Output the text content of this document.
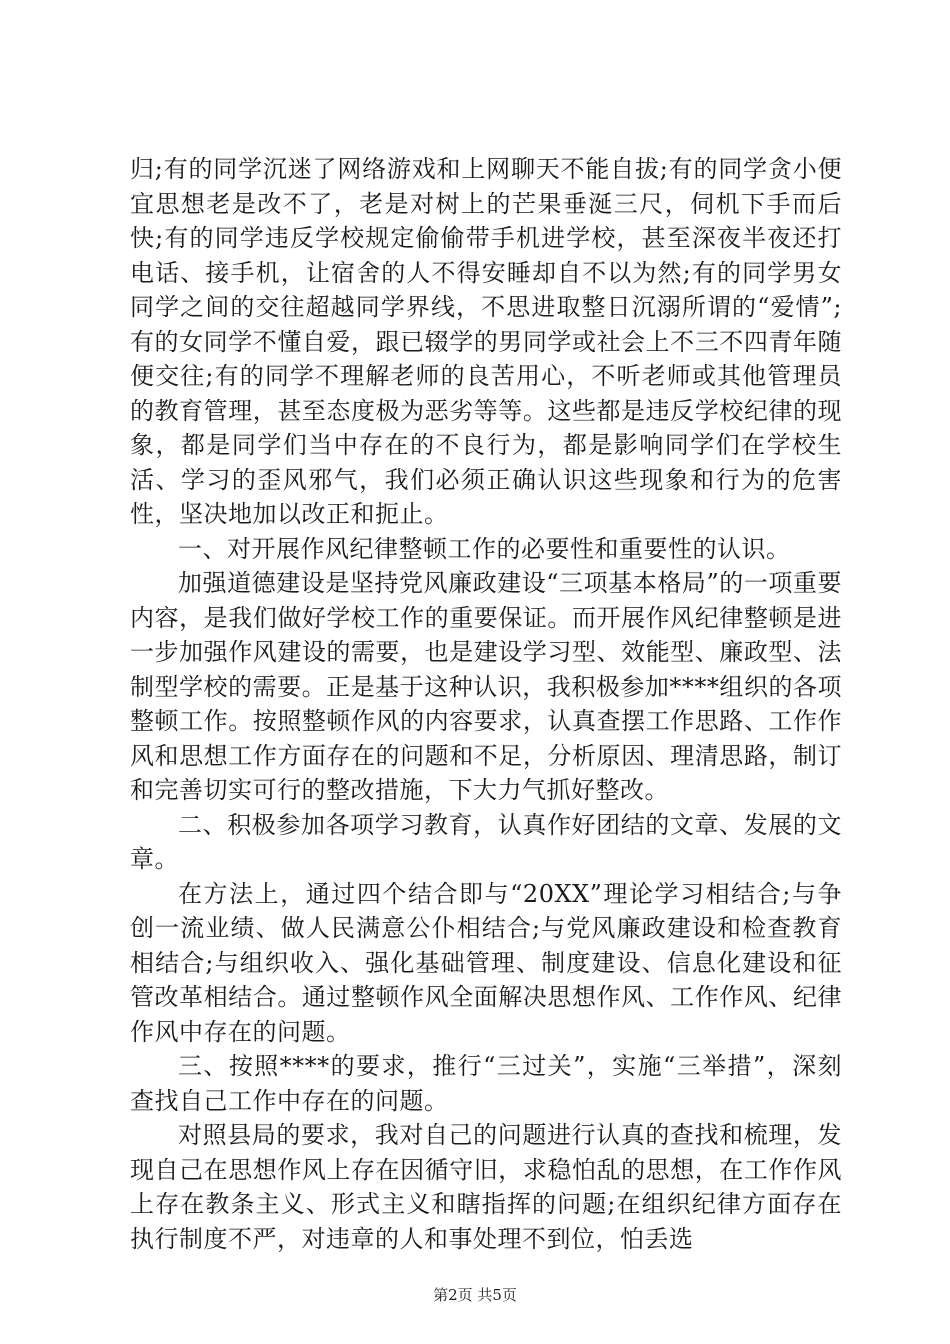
归;有的同学沉迷了网络游戏和上网聊天不能自拔;有的同学贪小便宜思想老是改不了，老是对树上的芒果垂涎三尺，伺机下手而后快;有的同学违反学校规定偷偷带手机进学校，甚至深夜半夜还打电话、接手机，让宿舍的人不得安睡却自不以为然;有的同学男女同学之间的交往超越同学界线，不思进取整日沉溺所谓的“爱情”;有的女同学不懂自爱，跟已辍学的男同学或社会上不三不四青年随便交往;有的同学不理解老师的良苦用心，不听老师或其他管理员的教育管理，甚至态度极为恶劣等等。这些都是违反学校纪律的现象，都是同学们当中存在的不良行为，都是影响同学们在学校生活、学习的歪风邪气，我们必须正确认识这些现象和行为的危害性，坚决地加以改正和扼止。

一、对开展作风纪律整顿工作的必要性和重要性的认识。

加强道德建设是坚持党风廉政建设“三项基本格局”的一项重要内容，是我们做好学校工作的重要保证。而开展作风纪律整顿是进一步加强作风建设的需要，也是建设学习型、效能型、廉政型、法制型学校的需要。正是基于这种认识，我积极参加****组织的各项整顿工作。按照整顿作风的内容要求，认真查摆工作思路、工作作风和思想工作方面存在的问题和不足，分析原因、理清思路，制订和完善切实可行的整改措施，下大力气抓好整改。

二、积极参加各项学习教育，认真作好团结的文章、发展的文章。

在方法上，通过四个结合即与“20XX”理论学习相结合;与争创一流业绩、做人民满意公仆相结合;与党风廉政建设和检查教育相结合;与组织收入、强化基础管理、制度建设、信息化建设和征管改革相结合。通过整顿作风全面解决思想作风、工作作风、纪律作风中存在的问题。

三、按照****的要求，推行“三过关”，实施“三举措”，深刻查找自己工作中存在的问题。

对照县局的要求，我对自己的问题进行认真的查找和梳理，发现自己在思想作风上存在因循守旧，求稳怕乱的思想，在工作作风上存在教条主义、形式主义和瞎指挥的问题;在组织纪律方面存在执行制度不严，对违章的人和事处理不到位，怕丢选

第2页 共5页
